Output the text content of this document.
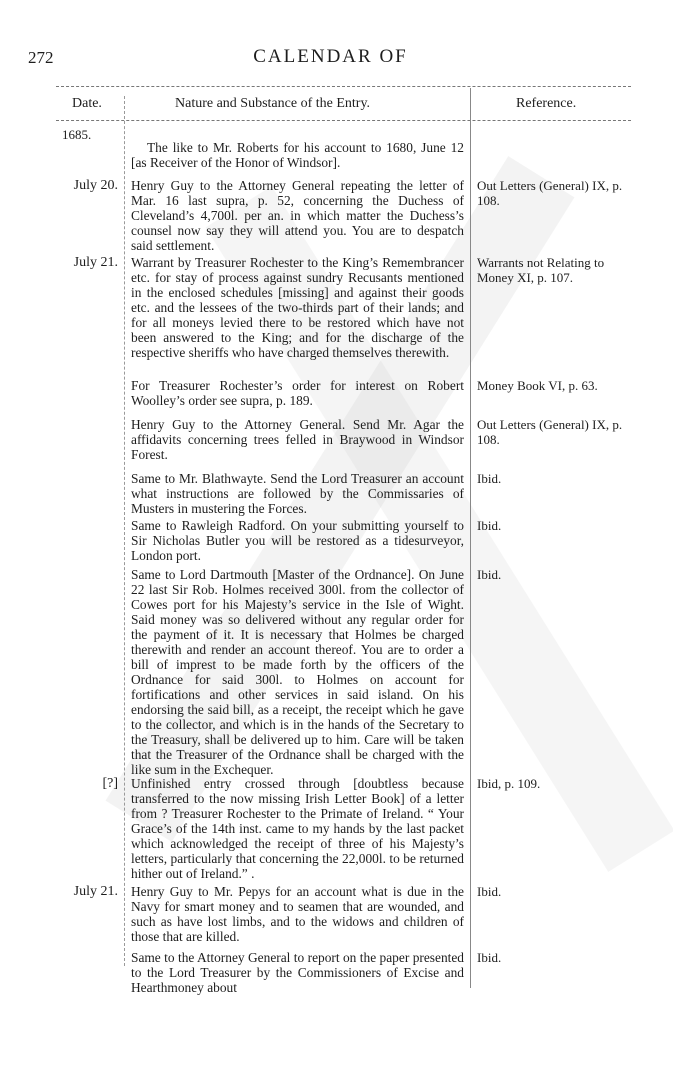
272	CALENDAR OF
Date.	Nature and Substance of the Entry.	Reference.
1685.
The like to Mr. Roberts for his account to 1680, June 12 [as Receiver of the Honor of Windsor].
July 20. Henry Guy to the Attorney General repeating the letter of Mar. 16 last supra, p. 52, concerning the Duchess of Cleveland’s 4,700l. per an. in which matter the Duchess’s counsel now say they will attend you. You are to despatch said settlement.
Out Letters (General) IX, p. 108.
July 21. Warrant by Treasurer Rochester to the King’s Remembrancer etc. for stay of process against sundry Recusants mentioned in the enclosed schedules [missing] and against their goods etc. and the lessees of the two-thirds part of their lands; and for all moneys levied there to be restored which have not been answered to the King; and for the discharge of the respective sheriffs who have charged themselves therewith.
Warrants not Relating to Money XI, p. 107.
For Treasurer Rochester’s order for interest on Robert Woolley’s order see supra, p. 189.
Money Book VI, p. 63.
Henry Guy to the Attorney General. Send Mr. Agar the affidavits concerning trees felled in Braywood in Windsor Forest.
Out Letters (General) IX, p. 108.
Same to Mr. Blathwayte. Send the Lord Treasurer an account what instructions are followed by the Commissaries of Musters in mustering the Forces.
Ibid.
Same to Rawleigh Radford. On your submitting yourself to Sir Nicholas Butler you will be restored as a tidesurveyor, London port.
Ibid.
Same to Lord Dartmouth [Master of the Ordnance]. On June 22 last Sir Rob. Holmes received 300l. from the collector of Cowes port for his Majesty’s service in the Isle of Wight. Said money was so delivered without any regular order for the payment of it. It is necessary that Holmes be charged therewith and render an account thereof. You are to order a bill of imprest to be made forth by the officers of the Ordnance for said 300l. to Holmes on account for fortifications and other services in said island. On his endorsing the said bill, as a receipt, the receipt which he gave to the collector, and which is in the hands of the Secretary to the Treasury, shall be delivered up to him. Care will be taken that the Treasurer of the Ordnance shall be charged with the like sum in the Exchequer.
Ibid.
[?] Unfinished entry crossed through [doubtless because transferred to the now missing Irish Letter Book] of a letter from ? Treasurer Rochester to the Primate of Ireland. “ Your Grace’s of the 14th inst. came to my hands by the last packet which acknowledged the receipt of three of his Majesty’s letters, particularly that concerning the 22,000l. to be returned hither out of Ireland.” .
Ibid, p. 109.
July 21. Henry Guy to Mr. Pepys for an account what is due in the Navy for smart money and to seamen that are wounded, and such as have lost limbs, and to the widows and children of those that are killed.
Ibid.
Same to the Attorney General to report on the paper presented to the Lord Treasurer by the Commissioners of Excise and Hearthmoney about
Ibid.
